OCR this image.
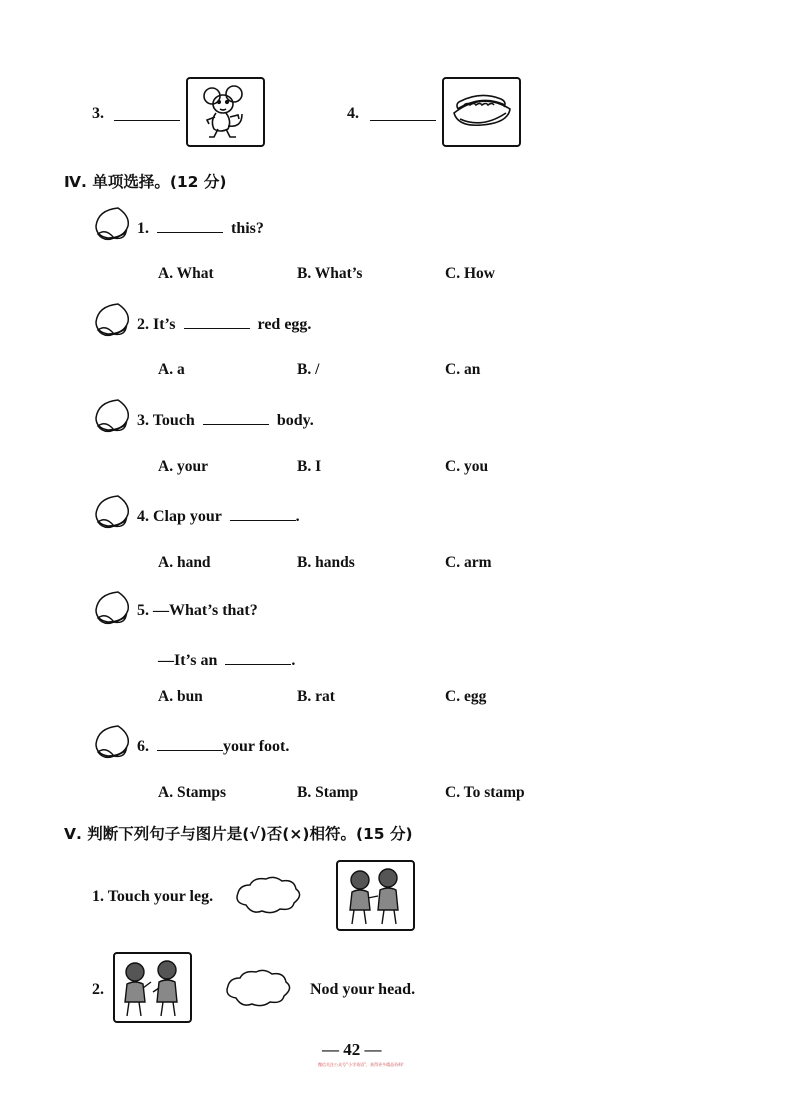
3.	4.
Ⅳ. 单项选择。(12 分)
1.	this?
A. What	B. What’s	C. How
2. It’s	red egg.
A. a	B. /	C. an
3. Touch	body.
A. your	B. I	C. you
4. Clap your	.
A. hand	B. hands	C. arm
5. —What’s that?
—It’s an	.
A. bun	B. rat	C. egg
6.	your foot.
A. Stamps	B. Stamp	C. To stamp
Ⅴ. 判断下列句子与图片是(√)否(×)相符。(15 分)
1. Touch your leg.
2.	Nod your head.
— 42 —
微信关注公众号“小学英语”，获得更多精品资料!
